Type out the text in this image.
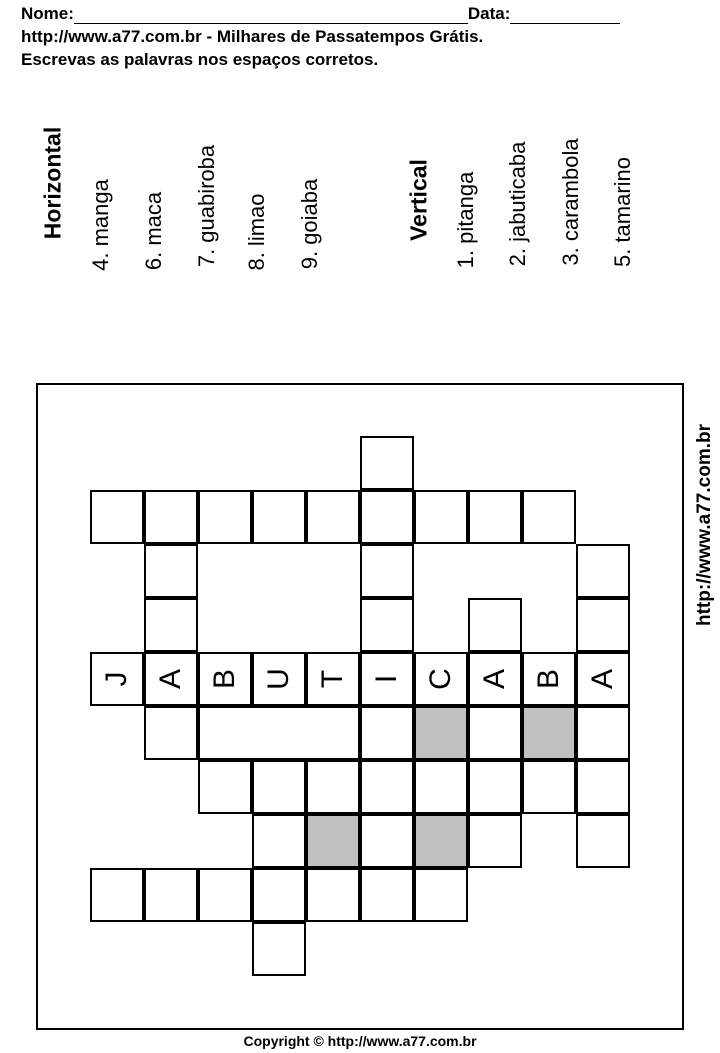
Nome:	Data:
http://www.a77.com.br - Milhares de Passatempos Grátis.
Escrevas as palavras nos espaços corretos.
Horizontal 4. manga 6. maca 7. guabiroba 8. limao 9. goiaba	Vertical 1. pitanga 2. jabuticaba 3. carambola 5. tamarino
http://www.a77.com.br
J A B U T I C A B A
Copyright © http://www.a77.com.br
